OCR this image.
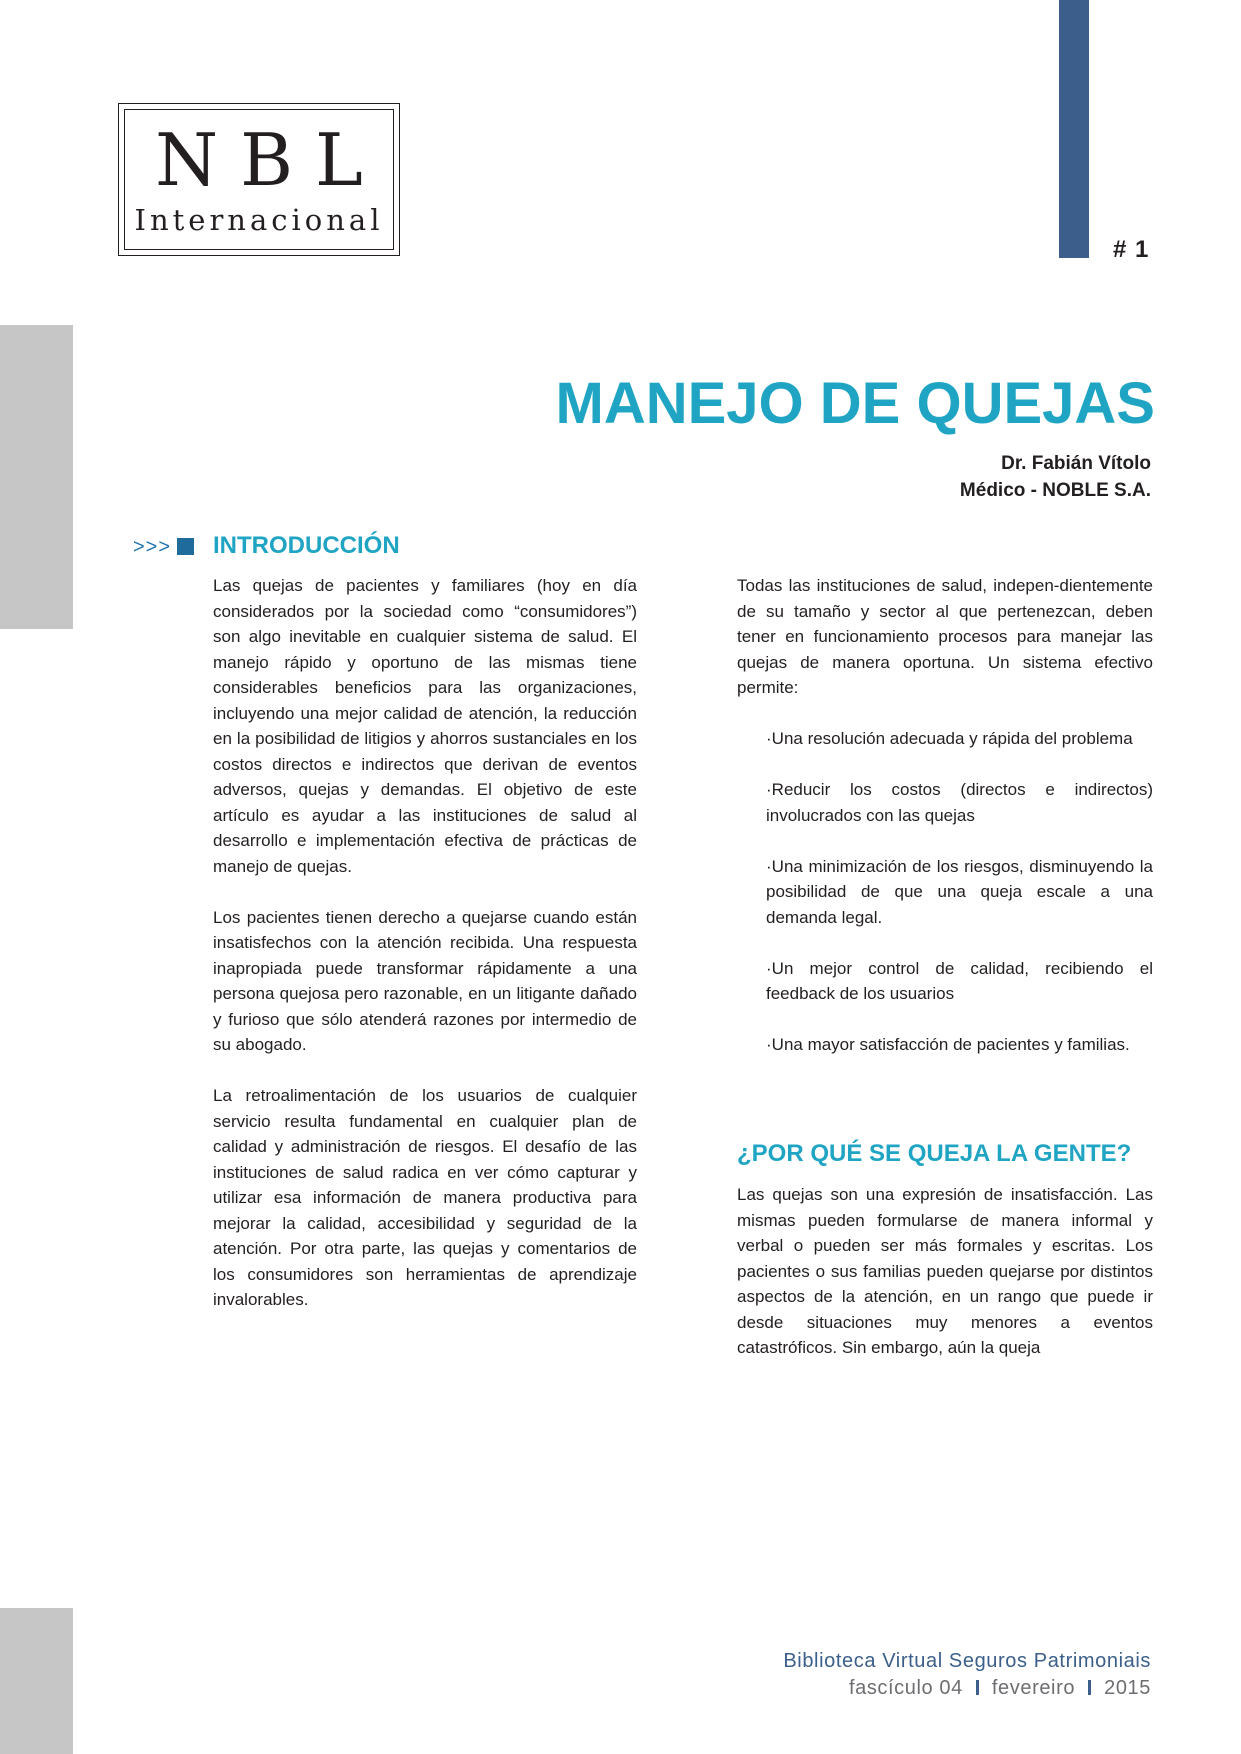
# 1
NBL
Internacional
MANEJO DE QUEJAS
Dr. Fabián Vítolo
Médico - NOBLE S.A.
>>> INTRODUCCIÓN

Las quejas de pacientes y familiares (hoy en día considerados por la sociedad como “consumidores”) son algo inevitable en cualquier sistema de salud. El manejo rápido y oportuno de las mismas tiene considerables beneficios para las organizaciones, incluyendo una mejor calidad de atención, la reducción en la posibilidad de litigios y ahorros sustanciales en los costos directos e indirectos que derivan de eventos adversos, quejas y demandas. El objetivo de este artículo es ayudar a las instituciones de salud al desarrollo e implementación efectiva de prácticas de manejo de quejas.

Los pacientes tienen derecho a quejarse cuando están insatisfechos con la atención recibida. Una respuesta inapropiada puede transformar rápidamente a una persona quejosa pero razonable, en un litigante dañado y furioso que sólo atenderá razones por intermedio de su abogado.

La retroalimentación de los usuarios de cualquier servicio resulta fundamental en cualquier plan de calidad y administración de riesgos. El desafío de las instituciones de salud radica en ver cómo capturar y utilizar esa información de manera productiva para mejorar la calidad, accesibilidad y seguridad de la atención. Por otra parte, las quejas y comentarios de los consumidores son herramientas de aprendizaje invalorables.

Todas las instituciones de salud, indepen-dientemente de su tamaño y sector al que pertenezcan, deben tener en funcionamiento procesos para manejar las quejas de manera oportuna. Un sistema efectivo permite:

·Una resolución adecuada y rápida del problema
·Reducir los costos (directos e indirectos) involucrados con las quejas
·Una minimización de los riesgos, disminuyendo la posibilidad de que una queja escale a una demanda legal.
·Un mejor control de calidad, recibiendo el feedback de los usuarios
·Una mayor satisfacción de pacientes y familias.
¿POR QUÉ SE QUEJA LA GENTE?

Las quejas son una expresión de insatisfacción. Las mismas pueden formularse de manera informal y verbal o pueden ser más formales y escritas. Los pacientes o sus familias pueden quejarse por distintos aspectos de la atención, en un rango que puede ir desde situaciones muy menores a eventos catastróficos. Sin embargo, aún la queja

Biblioteca Virtual Seguros Patrimoniais
fascículo 04 fevereiro 2015
